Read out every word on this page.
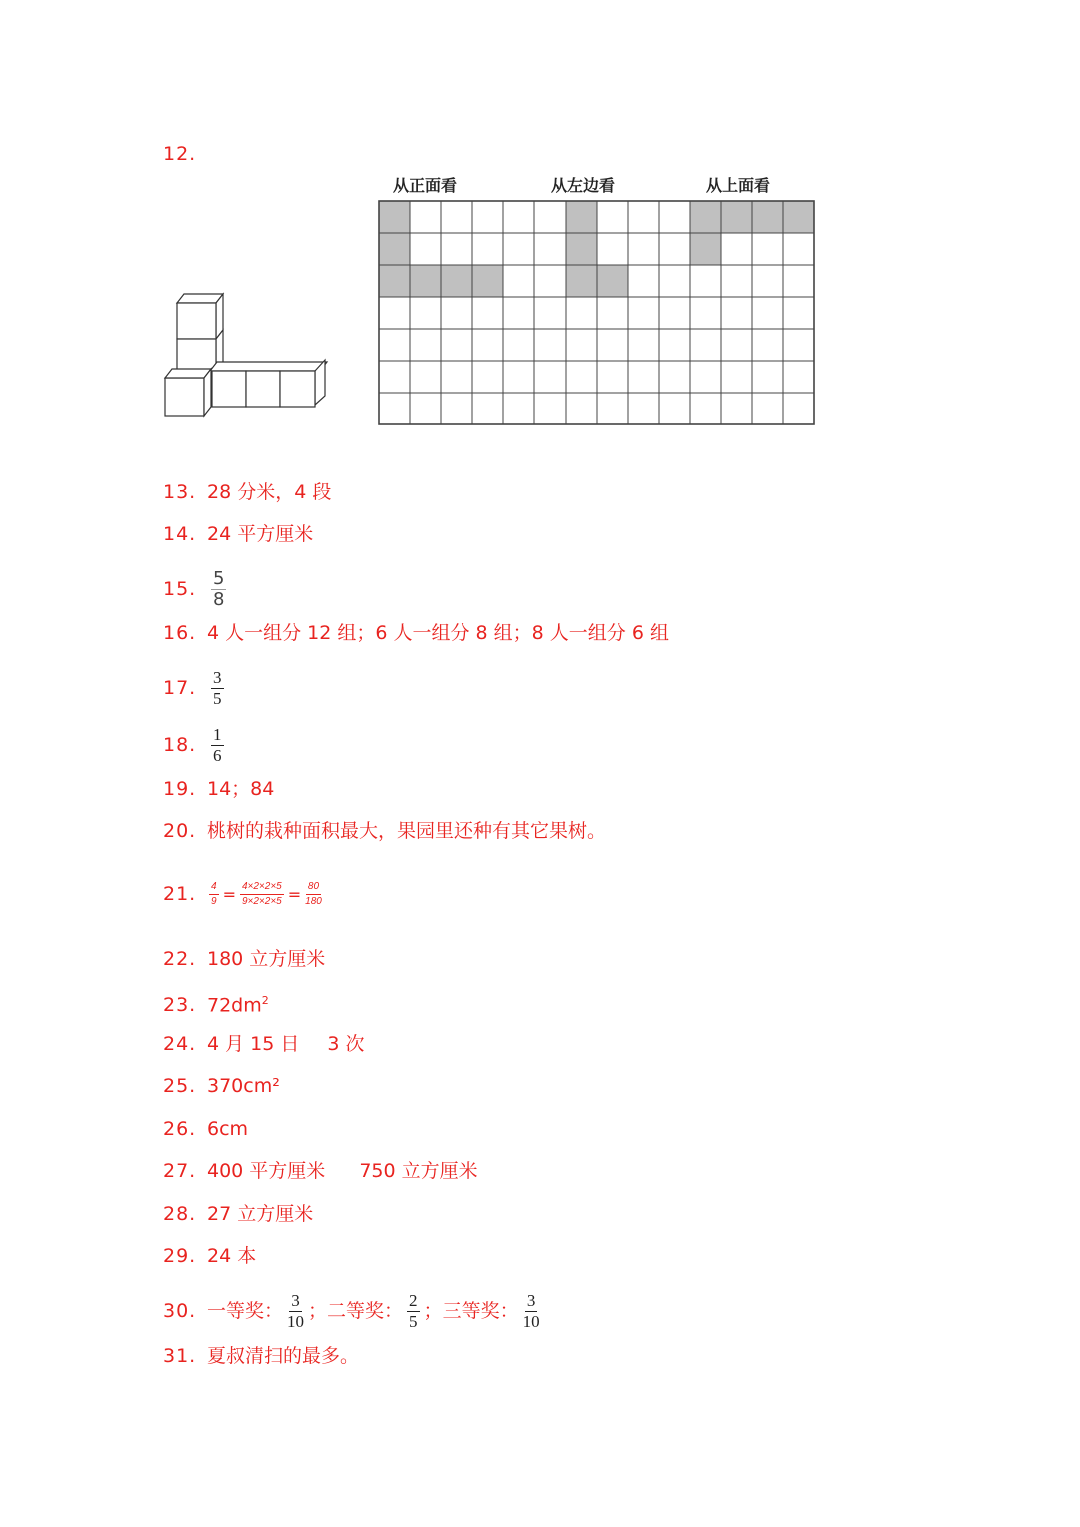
12.
从正面看	从左边看	从上面看
13. 28 分米，4 段
14. 24 平方厘米
15. $\frac{5}{8}$
16. 4 人一组分 12 组；6 人一组分 8 组；8 人一组分 6 组
17. $\frac{3}{5}$
18. $\frac{1}{6}$
19. 14；84
20. 桃树的栽种面积最大，果园里还种有其它果树。
21. $\frac{4}{9} = \frac{4\times 2\times 2\times 5}{9\times 2\times 2\times 5} = \frac{80}{180}$
22. 180 立方厘米
23. $72dm^2$
24. 4 月 15 日 3 次
25. 370cm²
26. 6cm
27. 400 平方厘米 750 立方厘米
28. 27 立方厘米
29. 24 本
30. 一等奖： $\frac{3}{10}$ ；二等奖： $\frac{2}{5}$ ；三等奖： $\frac{3}{10}$
31. 夏叔清扫的最多。
